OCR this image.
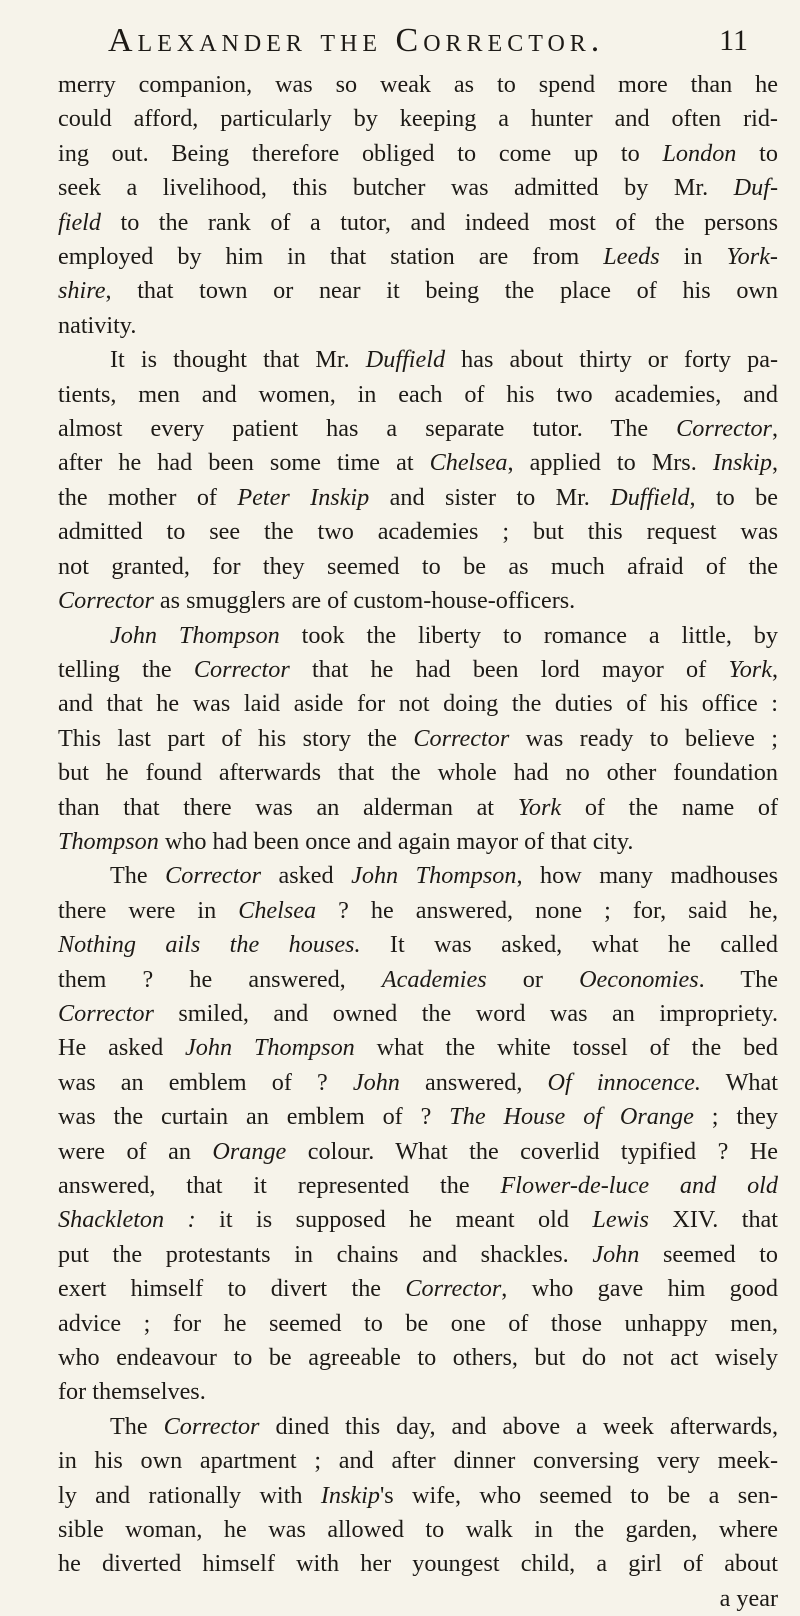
Alexander the Corrector.	11
merry companion, was so weak as to spend more than he
could afford, particularly by keeping a hunter and often rid-
ing out. Being therefore obliged to come up to London to
seek a livelihood, this butcher was admitted by Mr. Duf-
field to the rank of a tutor, and indeed most of the persons
employed by him in that station are from Leeds in York-
shire, that town or near it being the place of his own
nativity.
It is thought that Mr. Duffield has about thirty or forty pa-
tients, men and women, in each of his two academies, and
almost every patient has a separate tutor. The Corrector,
after he had been some time at Chelsea, applied to Mrs. Inskip,
the mother of Peter Inskip and sister to Mr. Duffield, to be
admitted to see the two academies ; but this request was
not granted, for they seemed to be as much afraid of the
Corrector as smugglers are of custom-house-officers.
John Thompson took the liberty to romance a little, by
telling the Corrector that he had been lord mayor of York,
and that he was laid aside for not doing the duties of his office :
This last part of his story the Corrector was ready to believe ;
but he found afterwards that the whole had no other foundation
than that there was an alderman at York of the name of
Thompson who had been once and again mayor of that city.
The Corrector asked John Thompson, how many madhouses
there were in Chelsea ? he answered, none ; for, said he,
Nothing ails the houses. It was asked, what he called
them ? he answered, Academies or Oeconomies. The
Corrector smiled, and owned the word was an impropriety.
He asked John Thompson what the white tossel of the bed
was an emblem of ? John answered, Of innocence. What
was the curtain an emblem of ? The House of Orange ; they
were of an Orange colour. What the coverlid typified ? He
answered, that it represented the Flower-de-luce and old
Shackleton : it is supposed he meant old Lewis XIV. that
put the protestants in chains and shackles. John seemed to
exert himself to divert the Corrector, who gave him good
advice ; for he seemed to be one of those unhappy men,
who endeavour to be agreeable to others, but do not act wisely
for themselves.
The Corrector dined this day, and above a week afterwards,
in his own apartment ; and after dinner conversing very meek-
ly and rationally with Inskip's wife, who seemed to be a sen-
sible woman, he was allowed to walk in the garden, where
he diverted himself with her youngest child, a girl of about
a year
